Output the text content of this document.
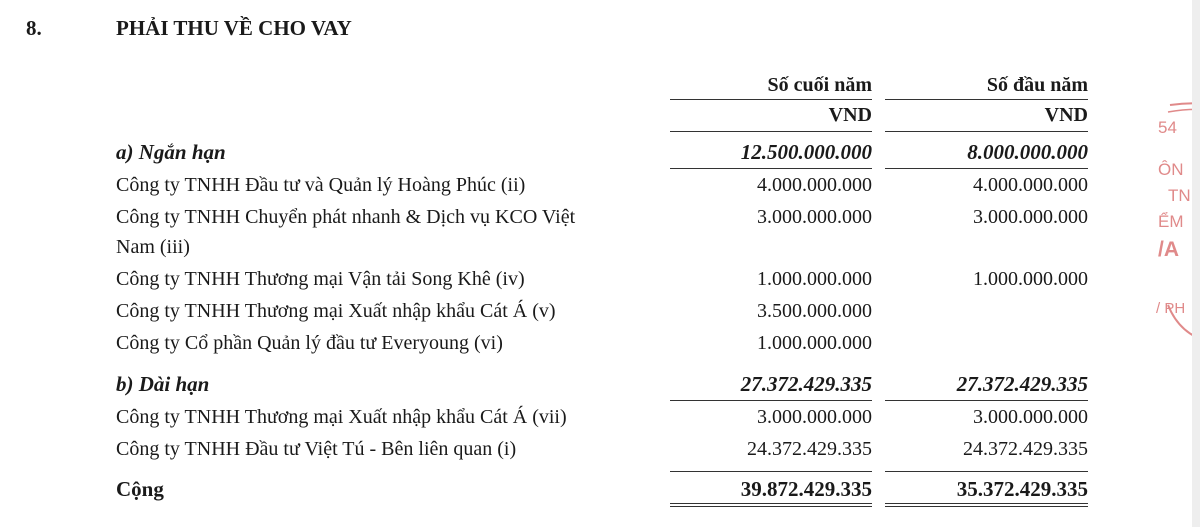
8.	PHẢI THU VỀ CHO VAY
Số cuối năm	Số đầu năm
VND	VND
a) Ngắn hạn	12.500.000.000	8.000.000.000
Công ty TNHH Đầu tư và Quản lý Hoàng Phúc (ii)	4.000.000.000	4.000.000.000
Công ty TNHH Chuyển phát nhanh & Dịch vụ KCO Việt
Nam (iii)
3.000.000.000	3.000.000.000
Công ty TNHH Thương mại Vận tải Song Khê (iv)	1.000.000.000	1.000.000.000
Công ty TNHH Thương mại Xuất nhập khẩu Cát Á (v)	3.500.000.000
Công ty Cổ phần Quản lý đầu tư Everyoung (vi)	1.000.000.000
b) Dài hạn	27.372.429.335	27.372.429.335
Công ty TNHH Thương mại Xuất nhập khẩu Cát Á (vii)	3.000.000.000	3.000.000.000
Công ty TNHH Đầu tư Việt Tú - Bên liên quan (i)	24.372.429.335	24.372.429.335
Cộng	39.872.429.335	35.372.429.335
54
ÔN
TN
ỂM
/A
/ PH
